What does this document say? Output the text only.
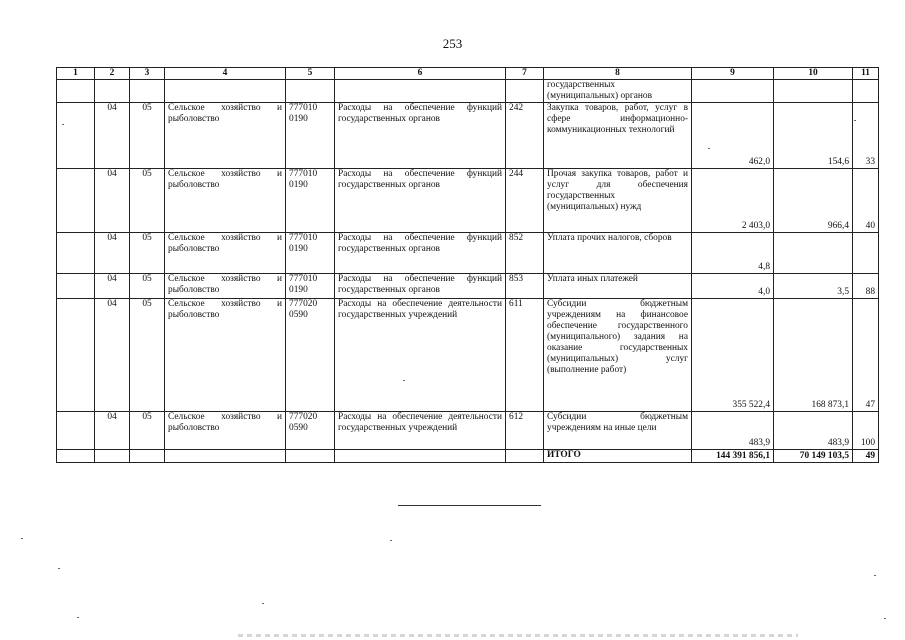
253
1	2	3	4	5	6	7	8	9	10	11
							государственных (муниципальных) органов			
	04	05	Сельское хозяйство и рыболовство	777010 0190	Расходы на обеспечение функций государственных органов	242	Закупка товаров, работ, услуг в сфере информационно-коммуникационных технологий	462,0	154,6	33
	04	05	Сельское хозяйство и рыболовство	777010 0190	Расходы на обеспечение функций государственных органов	244	Прочая закупка товаров, работ и услуг для обеспечения государственных (муниципальных) нужд	2 403,0	966,4	40
	04	05	Сельское хозяйство и рыболовство	777010 0190	Расходы на обеспечение функций государственных органов	852	Уплата прочих налогов, сборов	4,8		
	04	05	Сельское хозяйство и рыболовство	777010 0190	Расходы на обеспечение функций государственных органов	853	Уплата иных платежей	4,0	3,5	88
	04	05	Сельское хозяйство и рыболовство	777020 0590	Расходы на обеспечение деятельности государственных учреждений	611	Субсидии бюджетным учреждениям на финансовое обеспечение государственного (муниципального) задания на оказание государственных (муниципальных) услуг (выполнение работ)	355 522,4	168 873,1	47
	04	05	Сельское хозяйство и рыболовство	777020 0590	Расходы на обеспечение деятельности государственных учреждений	612	Субсидии бюджетным учреждениям на иные цели	483,9	483,9	100
							ИТОГО	144 391 856,1	70 149 103,5	49
